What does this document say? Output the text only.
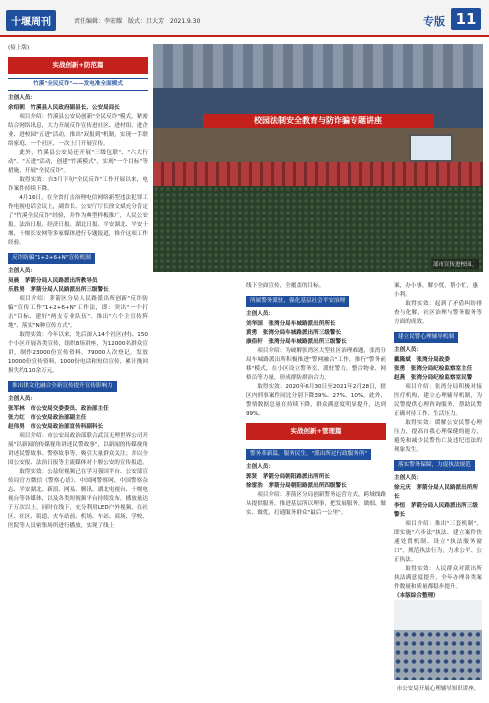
十堰周刊	责任编辑：李宏耀 版式：吕大芳 2021.9.30	专版 11
(接上版)
实战创新+防范篇
竹溪"全民反诈"——发电准全面模式
主创人员：
余绍朝　竹溪县人民政府副县长、公安局局长
项目介绍：竹溪县公安局创新"全民反诈"模式，紧密结合网络讯息，大力开展反诈宣传进社区、进村组、进企业、进校园"五进"活动，推出"双报到"机制，实现一手联络家庭、一个社区、一次上门开展宣传。
此外，竹溪县公安局还开展"三级包联"、"六大行动"、"五进"活动，创建"竹溪模式"，实现"一个目标"等措施，开展"全民反诈"。
取得实效：自3月下旬"全民反诈"工作开展以来，电诈案件持续下降。
4月16日，在全省打击治理电信网络新型违法犯罪工作电视电话会议上，副省长、公安厅厅长徐文斌充分肯定了"竹溪全民反诈"经验，并作为典型样板推广，人民公安报、法治日报、经济日报、湖北日报、平安湖北、平安十堰、十堰长安网等多家媒体进行专题报道，推介这项工作经验。
反诈防骗"1+2+6+N"宣传机制
主创人员：
吴晨　茅箭分局人民路派出所教导员
乐胜男　茅箭分局人民路派出所三级警长
项目介绍：茅箭区分局人民路派出所创新"反诈防骗"宣传工作"1+2+6+N"工作法，即：突出"一个打击"目标、建好"两支专业队伍"、推出"六个主宣传阵地"、落实"N种宣传方式"。
取得实效：今年以来，先后深入14个社区(村)、150个小区开展各类宣传，组织8场讲座，为12000名群众宣讲，制作23000份宣传资料，79000人次登记，发放10000份宣传资料，1000份电话和短信宣传，累计挽回损失约110余万元。
推出律文化融合全新宣传提升宣传影响力
主创人员：
张军林　市公安局交委委员、政治部主任
张力红　市公安局政治部副主任
赵伟男　市公安局政治部宣传科副科长
项目介绍：市公安局政治部联合武汉无理世界公司开展"以新闻的传媒视角讲述民警故事"，以新闻的传媒视角讲述民警故事、警察故事等，吸引大量群众关注；并以全国公安报、法治日报等主流媒体对十堰公安的宣传报道。
取得实效：公益短视频已在学习强国平台、公安部宣传局官方微信《警察心语》、中国网警察网、中国警察杂志、平安湖北、新浪、网易、腾讯、湖北电视台、十堰电视台等各媒体，以及各类短视频平台持续发布，播放量达千万次以上。同时在线下，充分利用LED户外视频、在社区、社区、街道、火车站前、机场、车站、商场、学校、医院等人员密集场所进行播放，实现了线上
校园法制安全教育与防诈骗专题讲座
部市宣传进校园。
线下全面宣传，全覆盖的目标。
所属警务派驻，强化基层社会平安治理
主创人员：
刘华国　张湾分局车城路派出所所长
黄勇　张湾分局车城路派出所三级警长
康俗轩　张湾分局车城路派出所三级警长
项目介绍：为破解张湾区大型社区治理难题，张湾分局车城路派出所积极推进"警网融合"工作，推行"警务前移"模式，在小区设立警务室，派驻警力，整合物业、网格员等力量，形成群防群治合力。
取得实效：2020年6月30日至2021年2月28日，辖区内刑事案件同比分别下降39%、27%、10%。此外，警情数据总量在持续下降，群众满意度明显提升，达到99%。
实战创新+管理篇
警务革新篇，服务民生，"派出所过行政服务所"
主创人员：
郭贤　茅箭分局朝阳路派出所所长
徐雷浩　茅箭分局朝阳路派出所四级警长
项目介绍：茅箭区分局创新警务运营方式，跨域线路从提供服务，推进基层所以理事，把发展服务，做细、做实、做优，打通服务群众"最后一公里"。
案，办小事，解小忧，帮小忙，惠小利。
取得实效：起到了矛盾纠纷排查与化解、社区治理与警务服务等方面的成效。
建立民警心理辅导机制
主创人员：
戴隆斌　张湾分局政委
张勇　张湾分局纪检监察室主任
赵燕　张湾分局纪检监察室民警
项目介绍：张湾分局积极对接医疗机构，建立心理辅导机制，为民警提供心理咨询服务，帮助民警正确对待工作、生活压力。
取得实效：缓解公安民警心理压力，提高自我心理保健的能力，避免和减少民警伤亡及违纪违法的现象发生。
落实警务保障，力促执法规范
主创人员：
徐元庆　茅箭分局人民路派出所所长
李恒　茅箭分局人民路派出所三级警长
项目介绍：推出"三套机制"，即实施"六步法"执法、建立案件快速处置机制、设立"执法服务窗口"，规范执法行为，力求公平、公正执法。
取得实效：人民群众对派出所执法满意度提升，全年办理各类案件数量和质量都稳步提升。
（本版综合整理）
市公安局开展心理辅导知识讲座。
